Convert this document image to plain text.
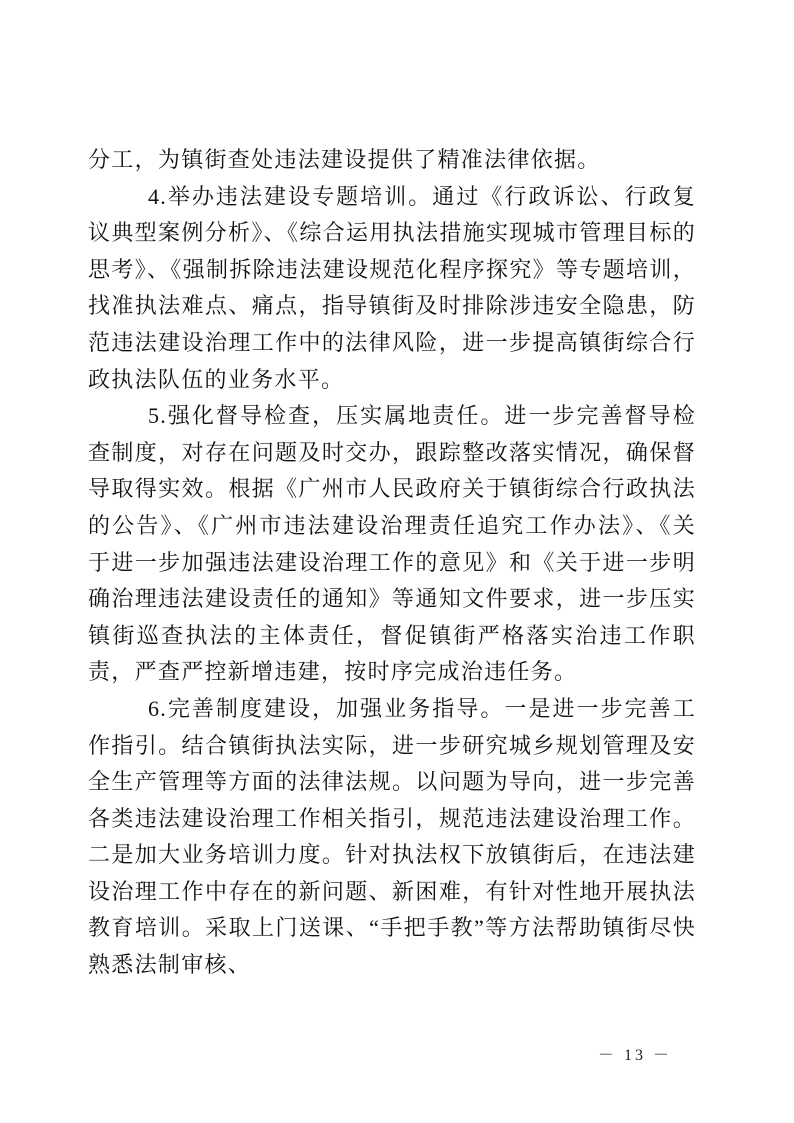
分工，为镇街查处违法建设提供了精准法律依据。

4.举办违法建设专题培训。通过《行政诉讼、行政复议典型案例分析》、《综合运用执法措施实现城市管理目标的思考》、《强制拆除违法建设规范化程序探究》等专题培训，找准执法难点、痛点，指导镇街及时排除涉违安全隐患，防范违法建设治理工作中的法律风险，进一步提高镇街综合行政执法队伍的业务水平。

5.强化督导检查，压实属地责任。进一步完善督导检查制度，对存在问题及时交办，跟踪整改落实情况，确保督导取得实效。根据《广州市人民政府关于镇街综合行政执法的公告》、《广州市违法建设治理责任追究工作办法》、《关于进一步加强违法建设治理工作的意见》和《关于进一步明确治理违法建设责任的通知》等通知文件要求，进一步压实镇街巡查执法的主体责任，督促镇街严格落实治违工作职责，严查严控新增违建，按时序完成治违任务。

6.完善制度建设，加强业务指导。一是进一步完善工作指引。结合镇街执法实际，进一步研究城乡规划管理及安全生产管理等方面的法律法规。以问题为导向，进一步完善各类违法建设治理工作相关指引，规范违法建设治理工作。二是加大业务培训力度。针对执法权下放镇街后，在违法建设治理工作中存在的新问题、新困难，有针对性地开展执法教育培训。采取上门送课、“手把手教”等方法帮助镇街尽快熟悉法制审核、

－ 13 －
